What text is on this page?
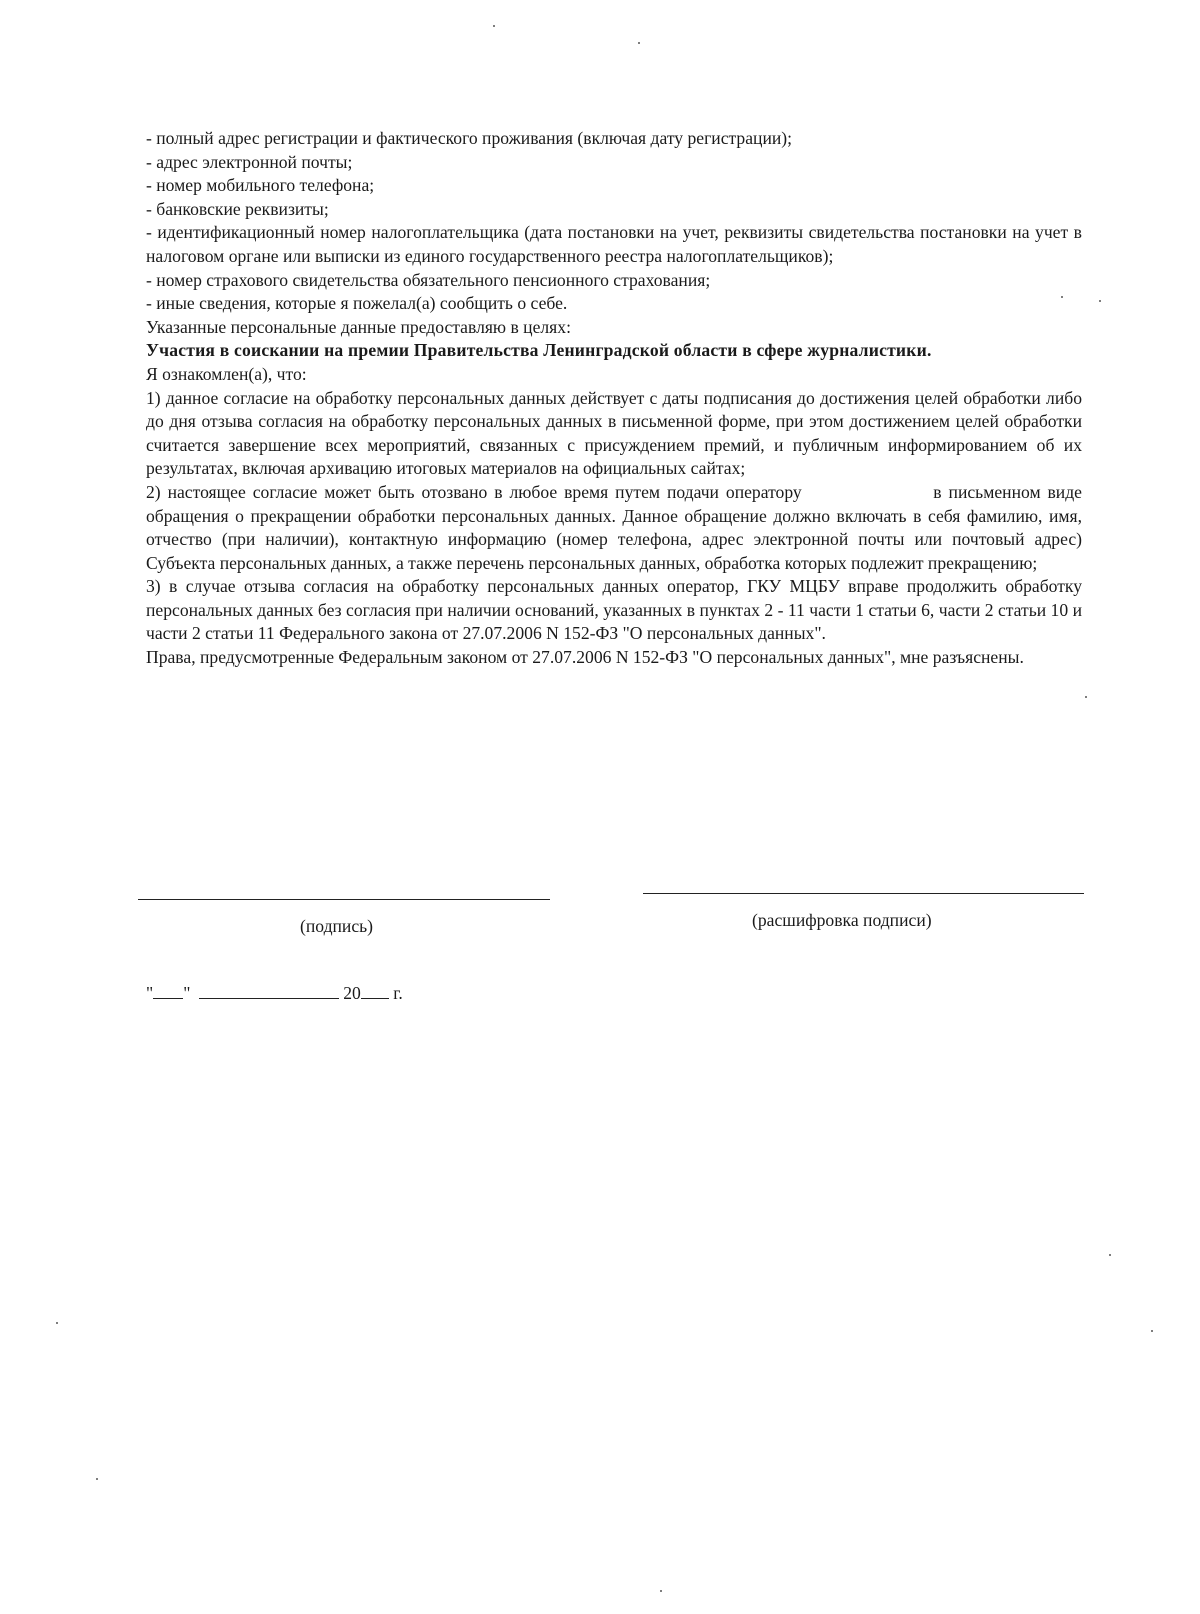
- полный адрес регистрации и фактического проживания (включая дату регистрации);

- адрес электронной почты;

- номер мобильного телефона;

- банковские реквизиты;

- идентификационный номер налогоплательщика (дата постановки на учет, реквизиты свидетельства постановки на учет в налоговом органе или выписки из единого государственного реестра налогоплательщиков);

- номер страхового свидетельства обязательного пенсионного страхования;

- иные сведения, которые я пожелал(а) сообщить о себе.

Указанные персональные данные предоставляю в целях:

Участия в соискании на премии Правительства Ленинградской области в сфере журналистики.

Я ознакомлен(а), что:

1) данное согласие на обработку персональных данных действует с даты подписания до достижения целей обработки либо до дня отзыва согласия на обработку персональных данных в письменной форме, при этом достижением целей обработки считается завершение всех мероприятий, связанных с присуждением премий, и публичным информированием об их результатах, включая архивацию итоговых материалов на официальных сайтах;

2) настоящее согласие может быть отозвано в любое время путем подачи оператору                   в письменном виде обращения о прекращении обработки персональных данных. Данное обращение должно включать в себя фамилию, имя, отчество (при наличии), контактную информацию (номер телефона, адрес электронной почты или почтовый адрес) Субъекта персональных данных, а также перечень персональных данных, обработка которых подлежит прекращению;

3) в случае отзыва согласия на обработку персональных данных оператор, ГКУ МЦБУ вправе продолжить обработку персональных данных без согласия при наличии оснований, указанных в пунктах 2 - 11 части 1 статьи 6, части 2 статьи 10 и части 2 статьи 11 Федерального закона от 27.07.2006 N 152-ФЗ "О персональных данных".

Права, предусмотренные Федеральным законом от 27.07.2006 N 152-ФЗ "О персональных данных", мне разъяснены.

(подпись)	(расшифровка подписи)
" "	20 г.
